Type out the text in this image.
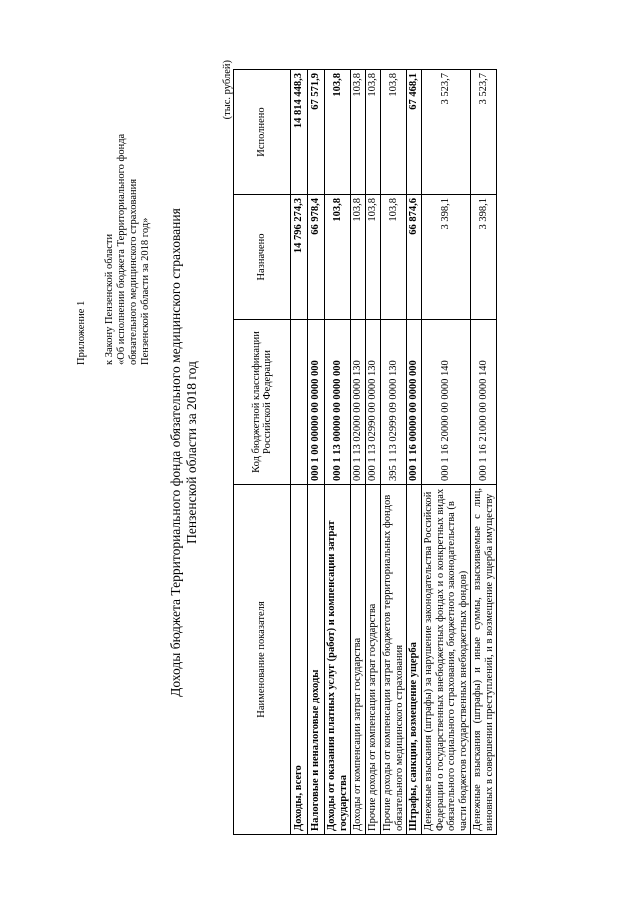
Приложение 1 к Закону Пензенской области «Об исполнении бюджета Территориального фонда обязательного медицинского страхования Пензенской области за 2018 год» Доходы бюджета Территориального фонда обязательного медицинского страхования Пензенской области за 2018 год
(тыс. рублей)
Наименование показателя	Код бюджетной классификации Российской Федерации	Назначено	Исполнено
Доходы, всего		14 796 274,3	14 814 448,3
Налоговые и неналоговые доходы	000 1 00 00000 00 0000 000	66 978,4	67 571,9
Доходы от оказания платных услуг (работ) и компенсации затрат государства	000 1 13 00000 00 0000 000	103,8	103,8
Доходы от компенсации затрат государства	000 1 13 02000 00 0000 130	103,8	103,8
Прочие доходы от компенсации затрат государства	000 1 13 02990 00 0000 130	103,8	103,8
Прочие доходы от компенсации затрат бюджетов территориальных фондов обязательного медицинского страхования	395 1 13 02999 09 0000 130	103,8	103,8
Штрафы, санкции, возмещение ущерба	000 1 16 00000 00 0000 000	66 874,6	67 468,1
Денежные взыскания (штрафы) за нарушение законодательства Российской Федерации о государственных внебюджетных фондах и о конкретных видах обязательного социального страхования, бюджетного законодательства (в части бюджетов государственных внебюджетных фондов)	000 1 16 20000 00 0000 140	3 398,1	3 523,7
Денежные взыскания (штрафы) и иные суммы, взыскиваемые с лиц, виновных в совершении преступлений, и в возмещение ущерба имуществу	000 1 16 21000 00 0000 140	3 398,1	3 523,7
